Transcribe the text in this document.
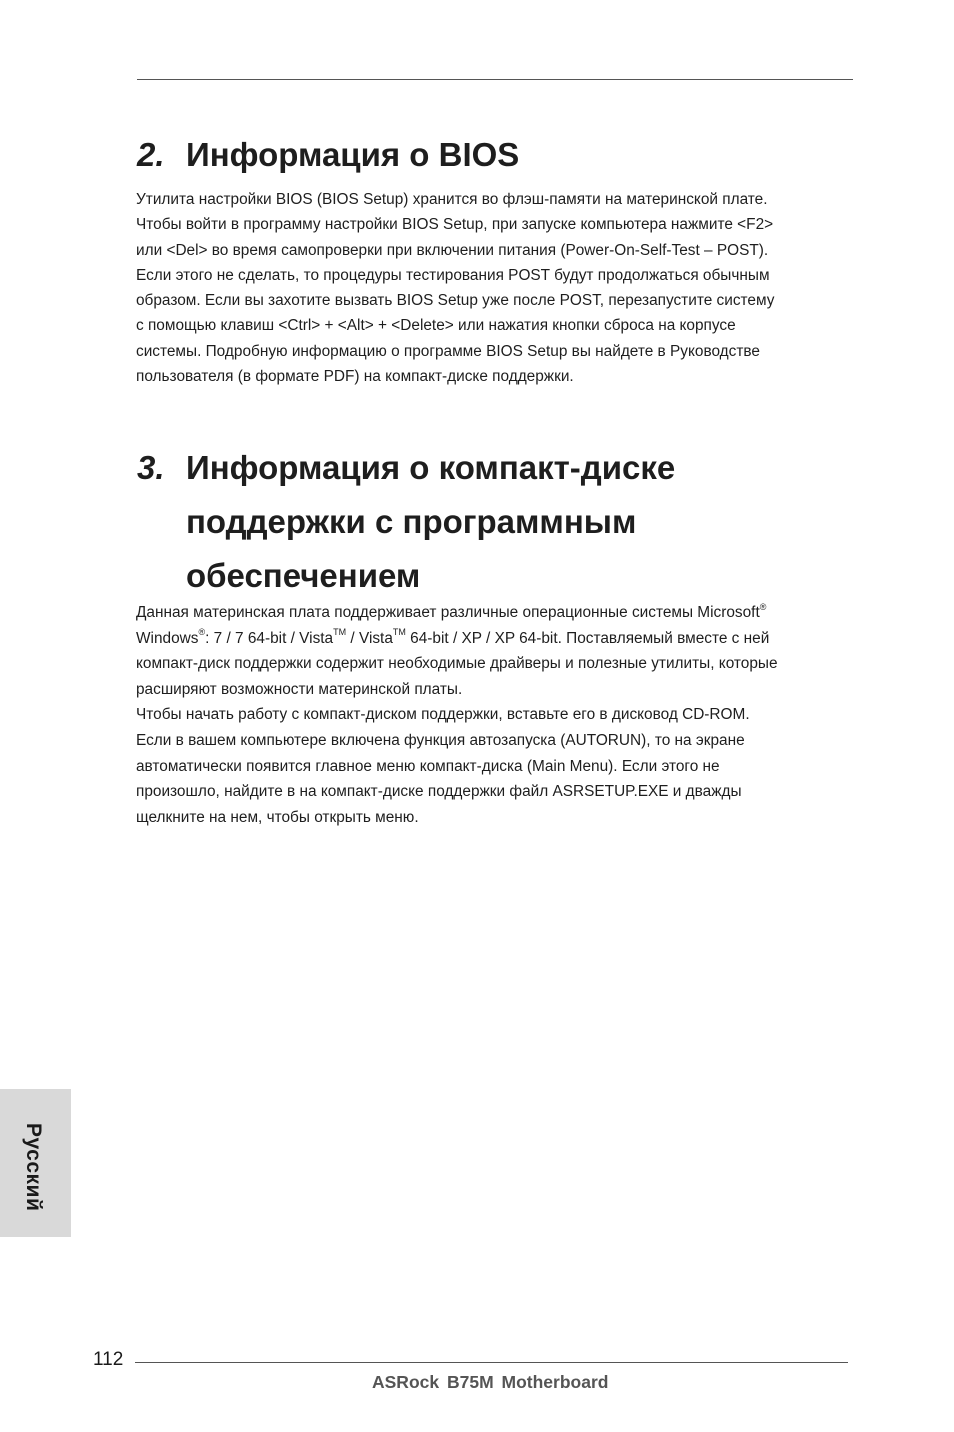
2. Информация о BIOS

Утилита настройки BIOS (BIOS Setup) хранится во флэш-памяти на материнской плате.
Чтобы войти в программу настройки BIOS Setup, при запуске компьютера нажмите <F2>
или <Del> во время самопроверки при включении питания (Power-On-Self-Test – POST).
Если этого не сделать, то процедуры тестирования POST будут продолжаться обычным
образом. Если вы захотите вызвать BIOS Setup уже после POST, перезапустите систему
с помощью клавиш <Ctrl> + <Alt> + <Delete> или нажатия кнопки сброса на корпусе
системы. Подробную информацию о программе BIOS Setup вы найдете в Руководстве
пользователя (в формате PDF) на компакт-диске поддержки.

3. Информация о компакт-диске
поддержки с программным
обеспечением

Данная материнская плата поддерживает различные операционные системы Microsoft®
Windows®: 7 / 7 64-bit / Vista™ / Vista™ 64-bit / XP / XP 64-bit. Поставляемый вместе с ней
компакт-диск поддержки содержит необходимые драйверы и полезные утилиты, которые
расширяют возможности материнской платы.
Чтобы начать работу с компакт-диском поддержки, вставьте его в дисковод CD-ROM.
Если в вашем компьютере включена функция автозапуска (AUTORUN), то на экране
автоматически появится главное меню компакт-диска (Main Menu). Если этого не
произошло, найдите в на компакт-диске поддержки файл ASRSETUP.EXE и дважды
щелкните на нем, чтобы открыть меню.

Русский
112
ASRock B75M Motherboard
